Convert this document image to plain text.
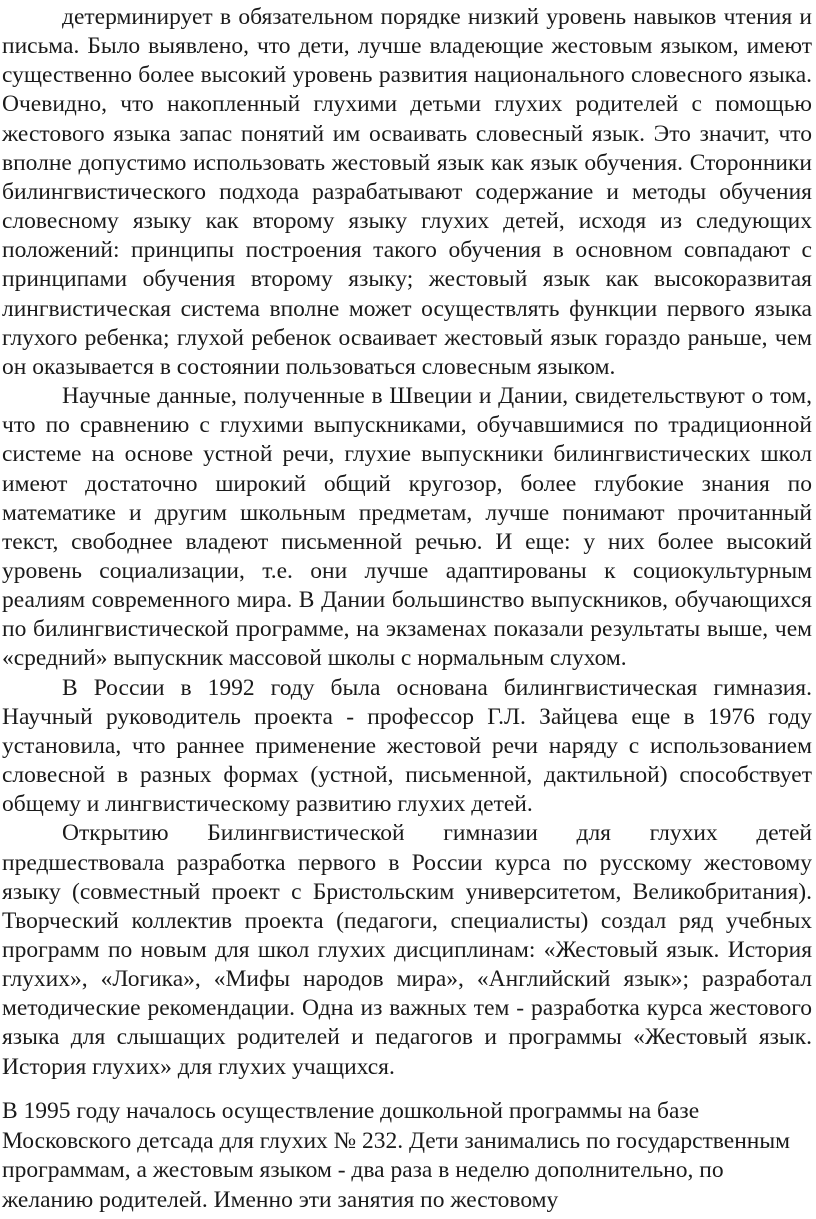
детерминирует в обязательном порядке низкий уровень навыков чтения и письма. Было выявлено, что дети, лучше владеющие жестовым языком, имеют существенно более высокий уровень развития национального словесного языка. Очевидно, что накопленный глухими детьми глухих родителей с помощью жестового языка запас понятий им осваивать словесный язык. Это значит, что вполне допустимо использовать жестовый язык как язык обучения. Сторонники билингвистического подхода разрабатывают содержание и методы обучения словесному языку как второму языку глухих детей, исходя из следующих положений: принципы построения такого обучения в основном совпадают с принципами обучения второму языку; жестовый язык как высокоразвитая лингвистическая система вполне может осуществлять функции первого языка глухого ребенка; глухой ребенок осваивает жестовый язык гораздо раньше, чем он оказывается в состоянии пользоваться словесным языком.

Научные данные, полученные в Швеции и Дании, свидетельствуют о том, что по сравнению с глухими выпускниками, обучавшимися по традиционной системе на основе устной речи, глухие выпускники билингвистических школ имеют достаточно широкий общий кругозор, более глубокие знания по математике и другим школьным предметам, лучше понимают прочитанный текст, свободнее владеют письменной речью. И еще: у них более высокий уровень социализации, т.е. они лучше адаптированы к социокультурным реалиям современного мира. В Дании большинство выпускников, обучающихся по билингвистической программе, на экзаменах показали результаты выше, чем «средний» выпускник массовой школы с нормальным слухом.

В России в 1992 году была основана билингвистическая гимназия. Научный руководитель проекта - профессор Г.Л. Зайцева еще в 1976 году установила, что раннее применение жестовой речи наряду с использованием словесной в разных формах (устной, письменной, дактильной) способствует общему и лингвистическому развитию глухих детей.

Открытию Билингвистической гимназии для глухих детей предшествовала разработка первого в России курса по русскому жестовому языку (совместный проект с Бристольским университетом, Великобритания). Творческий коллектив проекта (педагоги, специалисты) создал ряд учебных программ по новым для школ глухих дисциплинам: «Жестовый язык. История глухих», «Логика», «Мифы народов мира», «Английский язык»; разработал методические рекомендации. Одна из важных тем - разработка курса жестового языка для слышащих родителей и педагогов и программы «Жестовый язык. История глухих» для глухих учащихся.

В 1995 году началось осуществление дошкольной программы на базе Московского детсада для глухих № 232. Дети занимались по государственным программам, а жестовым языком - два раза в неделю дополнительно, по желанию родителей. Именно эти занятия по жестовому
